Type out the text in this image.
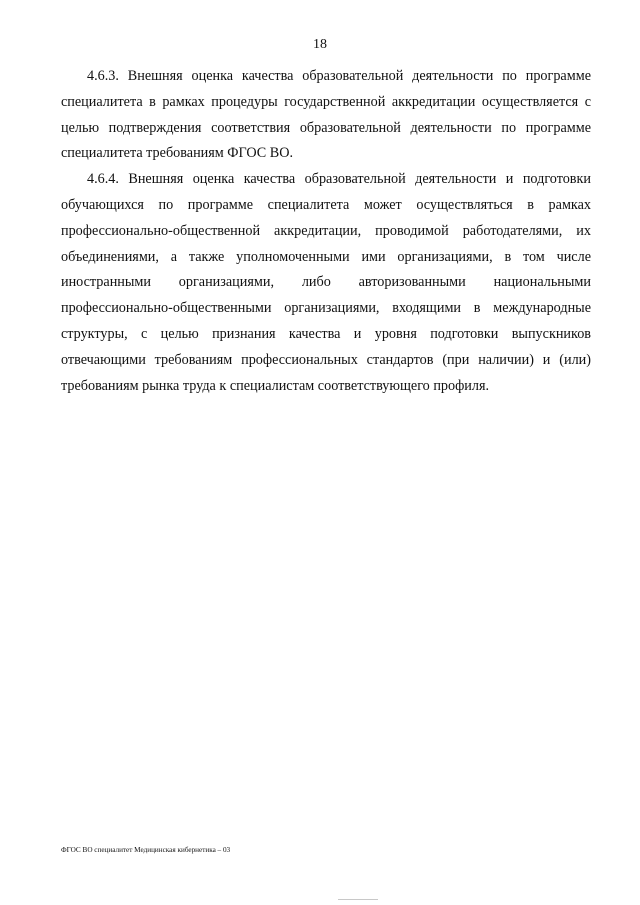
18

4.6.3. Внешняя оценка качества образовательной деятельности по программе специалитета в рамках процедуры государственной аккредитации осуществляется с целью подтверждения соответствия образовательной деятельности по программе специалитета требованиям ФГОС ВО.

4.6.4. Внешняя оценка качества образовательной деятельности и подготовки обучающихся по программе специалитета может осуществляться в рамках профессионально-общественной аккредитации, проводимой работодателями, их объединениями, а также уполномоченными ими организациями, в том числе иностранными организациями, либо авторизованными национальными профессионально-общественными организациями, входящими в международные структуры, с целью признания качества и уровня подготовки выпускников отвечающими требованиям профессиональных стандартов (при наличии) и (или) требованиям рынка труда к специалистам соответствующего профиля.

ФГОС ВО специалитет Медицинская кибернетика – 03
